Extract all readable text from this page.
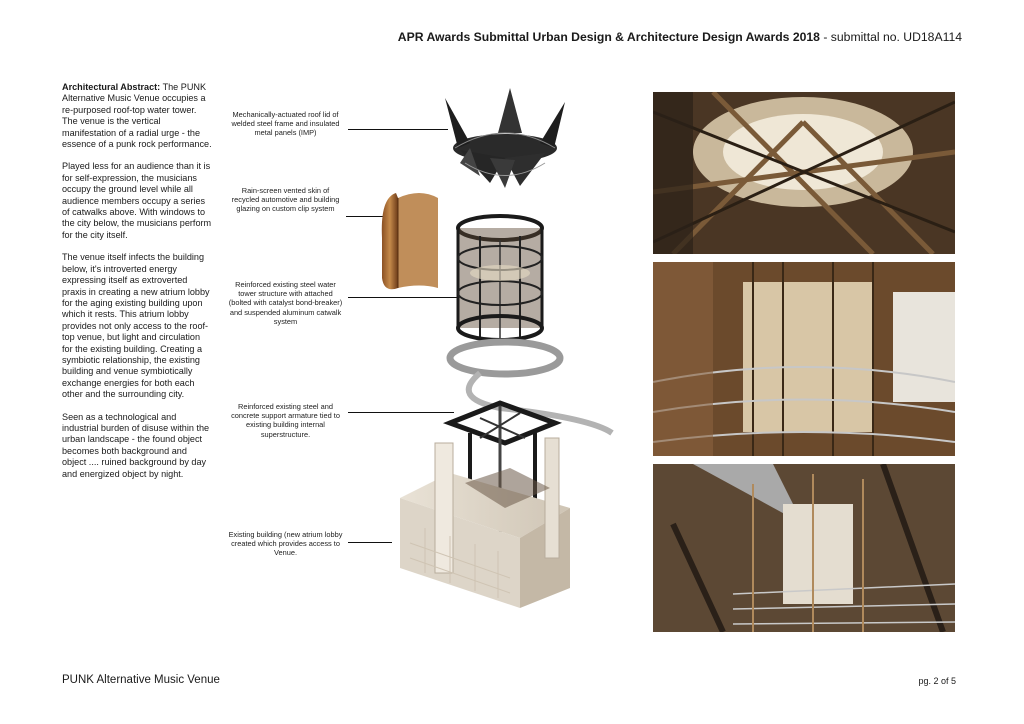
APR Awards Submittal Urban Design & Architecture Design Awards 2018 - submittal no. UD18A114

Architectural Abstract: The PUNK Alternative Music Venue occupies a re-purposed roof-top water tower. The venue is the vertical manifestation of a radial urge - the essence of a punk rock performance.

Played less for an audience than it is for self-expression, the musicians occupy the ground level while all audience members occupy a series of catwalks above. With windows to the city below, the musicians perform for the city itself.

The venue itself infects the building below, it's introverted energy expressing itself as extroverted praxis in creating a new atrium lobby for the aging existing building upon which it rests. This atrium lobby provides not only access to the roof-top venue, but light and circulation for the existing building. Creating a symbiotic relationship, the existing building and venue symbiotically exchange energies for both each other and the surrounding city.

Seen as a technological and industrial burden of disuse within the urban landscape - the found object becomes both background and object .... ruined background by day and energized object by night.

Mechanically-actuated roof lid of welded steel frame and insulated metal panels (IMP)
Rain-screen vented skin of recycled automotive and building glazing on custom clip system
Reinforced existing steel water tower structure with attached (bolted with catalyst bond-breaker) and suspended aluminum catwalk system
Reinforced existing steel and concrete support armature tied to existing building internal superstructure.
Existing building (new atrium lobby created which provides access to Venue.
PUNK Alternative Music Venue	pg. 2 of 5
